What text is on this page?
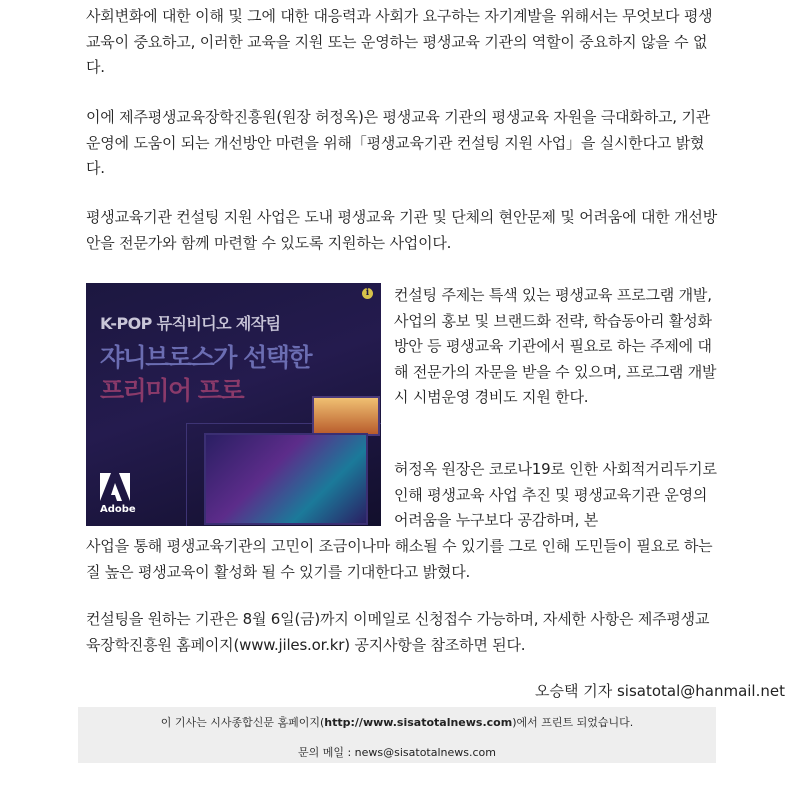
사회변화에 대한 이해 및 그에 대한 대응력과 사회가 요구하는 자기계발을 위해서는 무엇보다 평생교육이 중요하고, 이러한 교육을 지원 또는 운영하는 평생교육 기관의 역할이 중요하지 않을 수 없다.

이에 제주평생교육장학진흥원(원장 허정옥)은 평생교육 기관의 평생교육 자원을 극대화하고, 기관 운영에 도움이 되는 개선방안 마련을 위해「평생교육기관 컨설팅 지원 사업」을 실시한다고 밝혔다.

평생교육기관 컨설팅 지원 사업은 도내 평생교육 기관 및 단체의 현안문제 및 어려움에 대한 개선방안을 전문가와 함께 마련할 수 있도록 지원하는 사업이다.

i
K-POP 뮤직비디오 제작팀
쟈니브로스가 선택한
프리미어 프로
Adobe

컨설팅 주제는 특색 있는 평생교육 프로그램 개발, 사업의 홍보 및 브랜드화 전략, 학습동아리 활성화 방안 등 평생교육 기관에서 필요로 하는 주제에 대해 전문가의 자문을 받을 수 있으며, 프로그램 개발 시 시범운영 경비도 지원 한다.

허정옥 원장은 코로나19로 인한 사회적거리두기로 인해 평생교육 사업 추진 및 평생교육기관 운영의 어려움을 누구보다 공감하며, 본

사업을 통해 평생교육기관의 고민이 조금이나마 해소될 수 있기를 그로 인해 도민들이 필요로 하는 질 높은 평생교육이 활성화 될 수 있기를 기대한다고 밝혔다.

컨설팅을 원하는 기관은 8월 6일(금)까지 이메일로 신청접수 가능하며, 자세한 사항은 제주평생교육장학진흥원 홈페이지(www.jiles.or.kr) 공지사항을 참조하면 된다.

오승택 기자 sisatotal@hanmail.net
이 기사는 시사종합신문 홈페이지(http://www.sisatotalnews.com)에서 프린트 되었습니다.
문의 메일 : news@sisatotalnews.com
